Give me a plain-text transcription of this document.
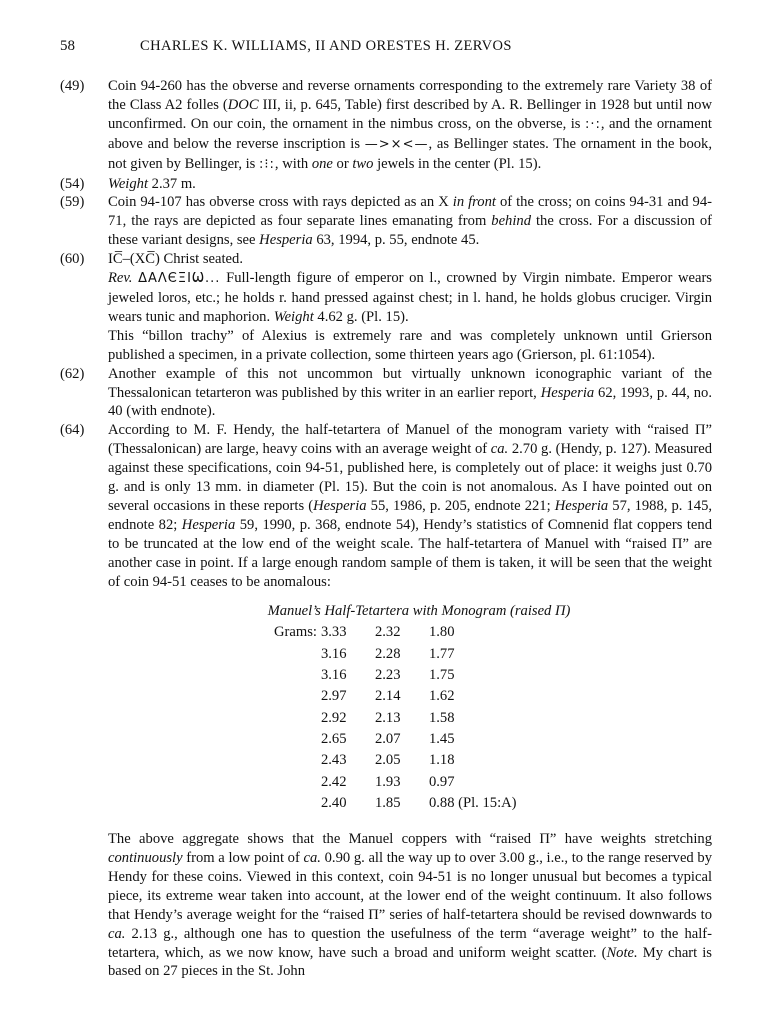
58	CHARLES K. WILLIAMS, II AND ORESTES H. ZERVOS
(49)	Coin 94-260 has the obverse and reverse ornaments corresponding to the extremely rare Variety 38 of the Class A2 folles (DOC III, ii, p. 645, Table) first described by A. R. Bellinger in 1928 but until now unconfirmed. On our coin, the ornament in the nimbus cross, on the obverse, is :·:, and the ornament above and below the reverse inscription is —>×<—, as Bellinger states. The ornament in the book, not given by Bellinger, is :⁝:, with one or two jewels in the center (Pl. 15).
(54)	Weight 2.37 m.
(59)	Coin 94-107 has obverse cross with rays depicted as an X in front of the cross; on coins 94-31 and 94-71, the rays are depicted as four separate lines emanating from behind the cross. For a discussion of these variant designs, see Hesperia 63, 1994, p. 55, endnote 45.
(60)	IC̅–(XC̅) Christ seated.

Rev. ΔΑΛЄΞΙѠ... Full-length figure of emperor on l., crowned by Virgin nimbate. Emperor wears jeweled loros, etc.; he holds r. hand pressed against chest; in l. hand, he holds globus cruciger. Virgin wears tunic and maphorion. Weight 4.62 g. (Pl. 15).

This “billon trachy” of Alexius is extremely rare and was completely unknown until Grierson published a specimen, in a private collection, some thirteen years ago (Grierson, pl. 61:1054).

(62)	Another example of this not uncommon but virtually unknown iconographic variant of the Thessalonican tetarteron was published by this writer in an earlier report, Hesperia 62, 1993, p. 44, no. 40 (with endnote).
(64)	According to M. F. Hendy, the half-tetartera of Manuel of the monogram variety with “raised Π” (Thessalonican) are large, heavy coins with an average weight of ca. 2.70 g. (Hendy, p. 127). Measured against these specifications, coin 94-51, published here, is completely out of place: it weighs just 0.70 g. and is only 13 mm. in diameter (Pl. 15). But the coin is not anomalous. As I have pointed out on several occasions in these reports (Hesperia 55, 1986, p. 205, endnote 221; Hesperia 57, 1988, p. 145, endnote 82; Hesperia 59, 1990, p. 368, endnote 54), Hendy’s statistics of Comnenid flat coppers tend to be truncated at the low end of the weight scale. The half-tetartera of Manuel with “raised Π” are another case in point. If a large enough random sample of them is taken, it will be seen that the weight of coin 94-51 ceases to be anomalous:
Manuel’s Half-Tetartera with Monogram (raised Π)
Grams:	3.33	2.32	1.80
	3.16	2.28	1.77
	3.16	2.23	1.75
	2.97	2.14	1.62
	2.92	2.13	1.58
	2.65	2.07	1.45
	2.43	2.05	1.18
	2.42	1.93	0.97
	2.40	1.85	0.88 (Pl. 15:A)
The above aggregate shows that the Manuel coppers with “raised Π” have weights stretching continuously from a low point of ca. 0.90 g. all the way up to over 3.00 g., i.e., to the range reserved by Hendy for these coins. Viewed in this context, coin 94-51 is no longer unusual but becomes a typical piece, its extreme wear taken into account, at the lower end of the weight continuum. It also follows that Hendy’s average weight for the “raised Π” series of half-tetartera should be revised downwards to ca. 2.13 g., although one has to question the usefulness of the term “average weight” to the half-tetartera, which, as we now know, have such a broad and uniform weight scatter. (Note. My chart is based on 27 pieces in the St. John
